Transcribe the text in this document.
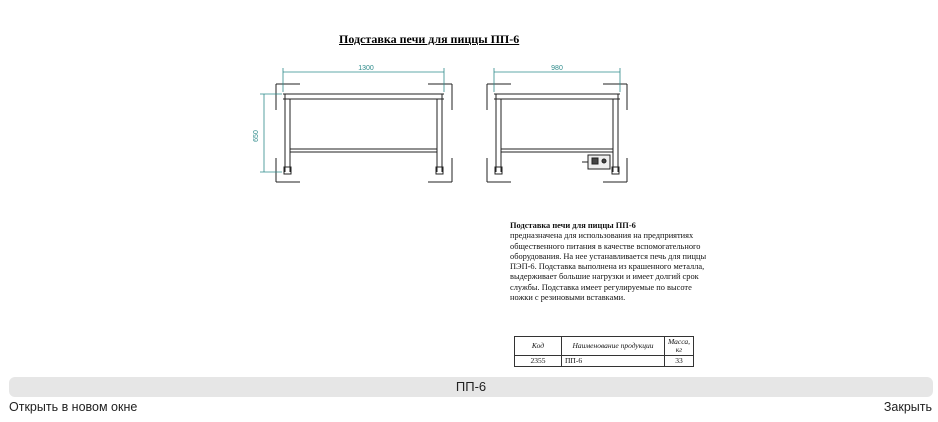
Подставка печи для пиццы ПП-6
1300
650
980
Подставка печи для пиццы ПП-6
предназначена для использования на предприятиях общественного питания в качестве вспомогательного оборудования. На нее устанавливается печь для пиццы ПЭП-6. Подставка выполнена из крашенного металла, выдерживает большие нагрузки и имеет долгий срок службы. Подставка имеет регулируемые по высоте ножки с резиновыми вставками.
Код	Наименование продукции	Масса, кг
2355	ПП-6	33
ПП-6
Открыть в новом окне	Закрыть
